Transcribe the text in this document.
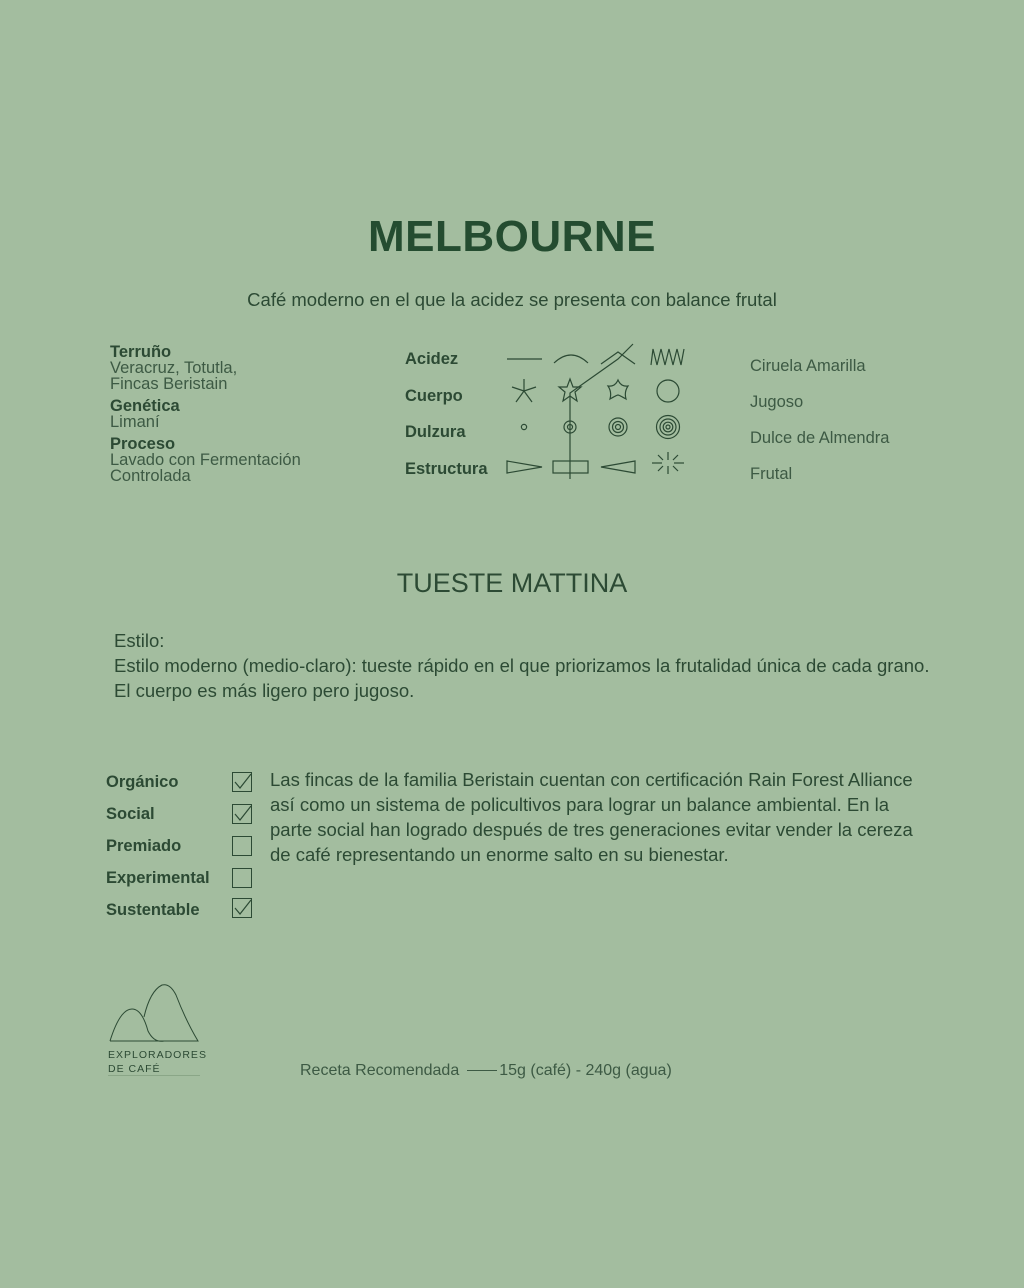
MELBOURNE
Café moderno en el que la acidez se presenta con balance frutal
Terruño
Veracruz, Totutla,
Fincas Beristain
Genética
Limaní
Proceso
Lavado con Fermentación
Controlada
Acidez
Cuerpo
Dulzura
Estructura
Ciruela Amarilla
Jugoso
Dulce de Almendra
Frutal
TUESTE MATTINA
Estilo:
Estilo moderno (medio-claro): tueste rápido en el que priorizamos la frutalidad única de cada grano. El cuerpo es más ligero pero jugoso.
Orgánico
Social
Premiado
Experimental
Sustentable
Las fincas de la familia Beristain cuentan con certificación Rain Forest Alliance así como un sistema de policultivos para lograr un balance ambiental. En la parte social han logrado después de tres generaciones evitar vender la cereza de café representando un enorme salto en su bienestar.
EXPLORADORES
DE CAFÉ	Receta Recomendada	15g (café) - 240g (agua)
